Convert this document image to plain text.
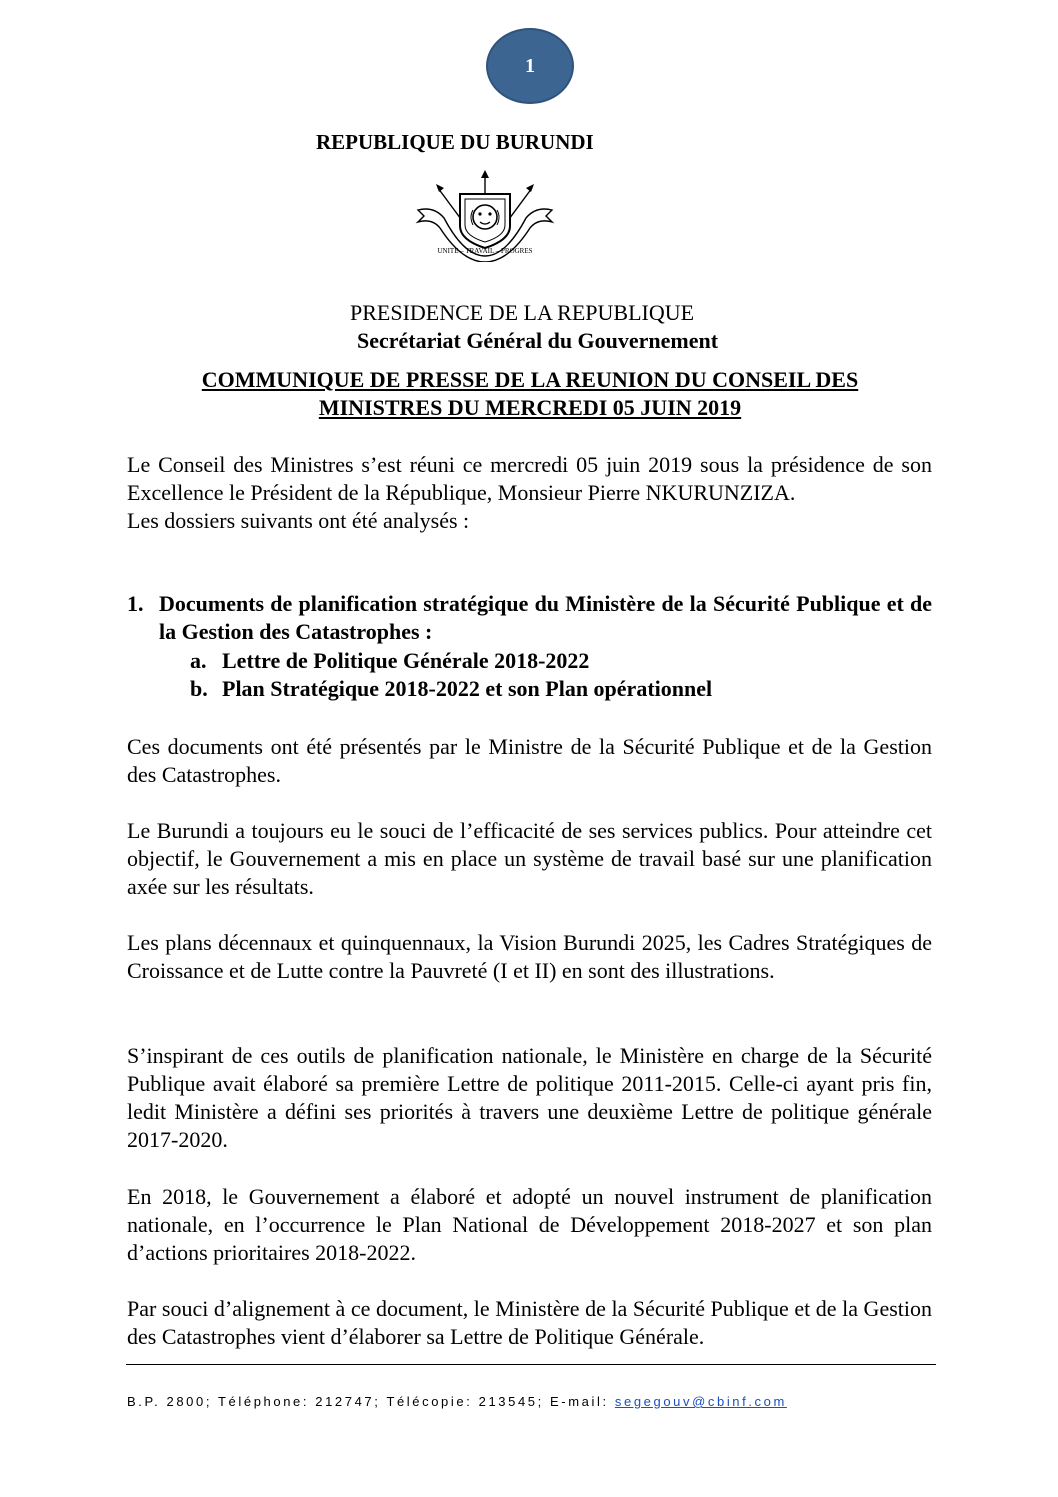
1
REPUBLIQUE DU BURUNDI
UNITE – TRAVAIL – PROGRES
PRESIDENCE DE LA REPUBLIQUE
Secrétariat Général du Gouvernement
COMMUNIQUE DE PRESSE DE LA REUNION DU CONSEIL DES
MINISTRES DU MERCREDI 05 JUIN 2019

Le Conseil des Ministres s’est réuni ce mercredi 05 juin 2019 sous la présidence de son Excellence le Président de la République, Monsieur Pierre NKURUNZIZA.

Les dossiers suivants ont été analysés :

1. Documents de planification stratégique du Ministère de la Sécurité Publique et de la Gestion des Catastrophes :
a. Lettre de Politique Générale 2018-2022
b. Plan Stratégique 2018-2022 et son Plan opérationnel

Ces documents ont été présentés par le Ministre de la Sécurité Publique et de la Gestion des Catastrophes.

Le Burundi a toujours eu le souci de l’efficacité de ses services publics. Pour atteindre cet objectif, le Gouvernement a mis en place un système de travail basé sur une planification axée sur les résultats.

Les plans décennaux et quinquennaux, la Vision Burundi 2025, les Cadres Stratégiques de Croissance et de Lutte contre la Pauvreté (I et II) en sont des illustrations.

S’inspirant de ces outils de planification nationale, le Ministère en charge de la Sécurité Publique avait élaboré sa première Lettre de politique 2011-2015. Celle-ci ayant pris fin, ledit Ministère a défini ses priorités à travers une deuxième Lettre de politique générale 2017-2020.

En 2018, le Gouvernement a élaboré et adopté un nouvel instrument de planification nationale, en l’occurrence le Plan National de Développement 2018-2027 et son plan d’actions prioritaires 2018-2022.

Par souci d’alignement à ce document, le Ministère de la Sécurité Publique et de la Gestion des Catastrophes vient d’élaborer sa Lettre de Politique Générale.

B.P. 2800; Téléphone: 212747; Télécopie: 213545; E-mail: segegouv@cbinf.com
